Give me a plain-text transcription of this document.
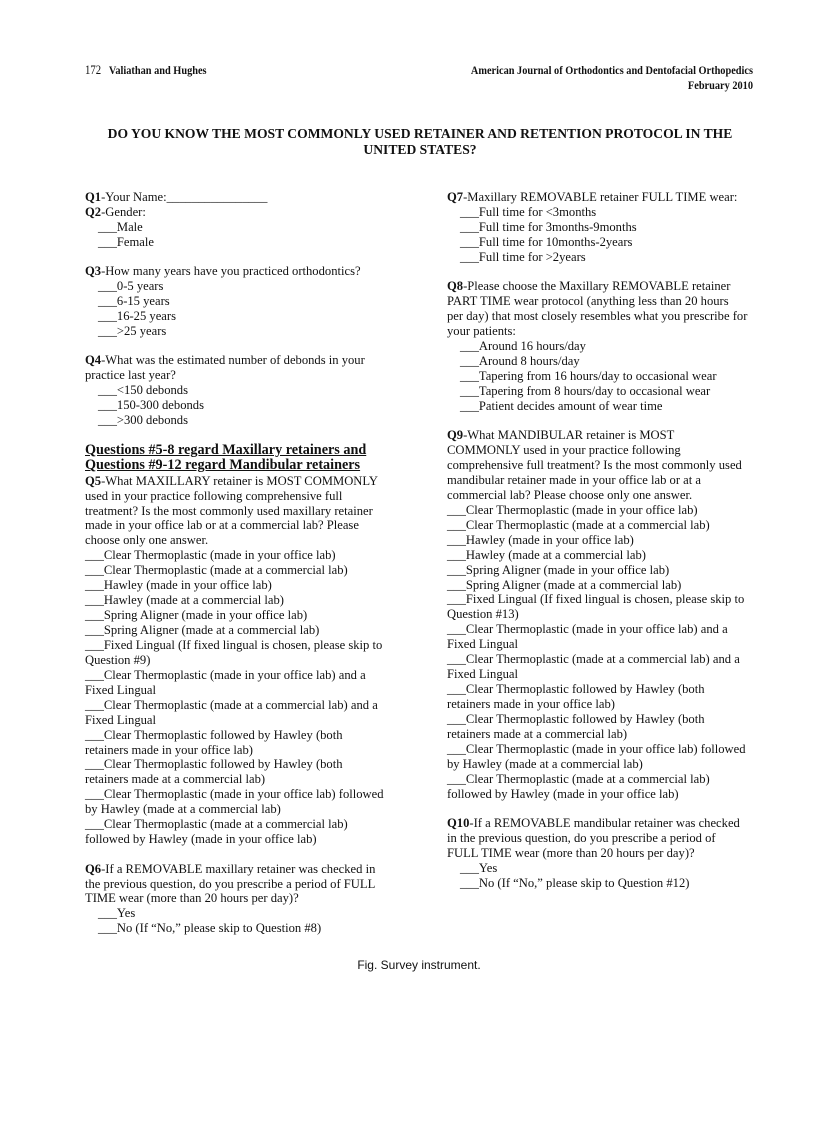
172 Valiathan and Hughes	American Journal of Orthodontics and Dentofacial Orthopedics
February 2010
DO YOU KNOW THE MOST COMMONLY USED RETAINER AND RETENTION PROTOCOL IN THE
UNITED STATES?
Q1-Your Name:________________
Q2-Gender:
___Male
___Female
Q3-How many years have you practiced orthodontics?
___0-5 years
___6-15 years
___16-25 years
___>25 years
Q4-What was the estimated number of debonds in your
practice last year?
___<150 debonds
___150-300 debonds
___>300 debonds
Questions #5-8 regard Maxillary retainers and
Questions #9-12 regard Mandibular retainers
Q5-What MAXILLARY retainer is MOST COMMONLY
used in your practice following comprehensive full
treatment? Is the most commonly used maxillary retainer
made in your office lab or at a commercial lab? Please
choose only one answer.
___Clear Thermoplastic (made in your office lab)
___Clear Thermoplastic (made at a commercial lab)
___Hawley (made in your office lab)
___Hawley (made at a commercial lab)
___Spring Aligner (made in your office lab)
___Spring Aligner (made at a commercial lab)
___Fixed Lingual (If fixed lingual is chosen, please skip to
Question #9)
___Clear Thermoplastic (made in your office lab) and a
Fixed Lingual
___Clear Thermoplastic (made at a commercial lab) and a
Fixed Lingual
___Clear Thermoplastic followed by Hawley (both
retainers made in your office lab)
___Clear Thermoplastic followed by Hawley (both
retainers made at a commercial lab)
___Clear Thermoplastic (made in your office lab) followed
by Hawley (made at a commercial lab)
___Clear Thermoplastic (made at a commercial lab)
followed by Hawley (made in your office lab)
Q6-If a REMOVABLE maxillary retainer was checked in
the previous question, do you prescribe a period of FULL
TIME wear (more than 20 hours per day)?
___Yes
___No (If “No,” please skip to Question #8)
Q7-Maxillary REMOVABLE retainer FULL TIME wear:
___Full time for <3months
___Full time for 3months-9months
___Full time for 10months-2years
___Full time for >2years
Q8-Please choose the Maxillary REMOVABLE retainer
PART TIME wear protocol (anything less than 20 hours
per day) that most closely resembles what you prescribe for
your patients:
___Around 16 hours/day
___Around 8 hours/day
___Tapering from 16 hours/day to occasional wear
___Tapering from 8 hours/day to occasional wear
___Patient decides amount of wear time
Q9-What MANDIBULAR retainer is MOST
COMMONLY used in your practice following
comprehensive full treatment? Is the most commonly used
mandibular retainer made in your office lab or at a
commercial lab? Please choose only one answer.
___Clear Thermoplastic (made in your office lab)
___Clear Thermoplastic (made at a commercial lab)
___Hawley (made in your office lab)
___Hawley (made at a commercial lab)
___Spring Aligner (made in your office lab)
___Spring Aligner (made at a commercial lab)
___Fixed Lingual (If fixed lingual is chosen, please skip to
Question #13)
___Clear Thermoplastic (made in your office lab) and a
Fixed Lingual
___Clear Thermoplastic (made at a commercial lab) and a
Fixed Lingual
___Clear Thermoplastic followed by Hawley (both
retainers made in your office lab)
___Clear Thermoplastic followed by Hawley (both
retainers made at a commercial lab)
___Clear Thermoplastic (made in your office lab) followed
by Hawley (made at a commercial lab)
___Clear Thermoplastic (made at a commercial lab)
followed by Hawley (made in your office lab)
Q10-If a REMOVABLE mandibular retainer was checked
in the previous question, do you prescribe a period of
FULL TIME wear (more than 20 hours per day)?
___Yes
___No (If “No,” please skip to Question #12)
Fig. Survey instrument.
